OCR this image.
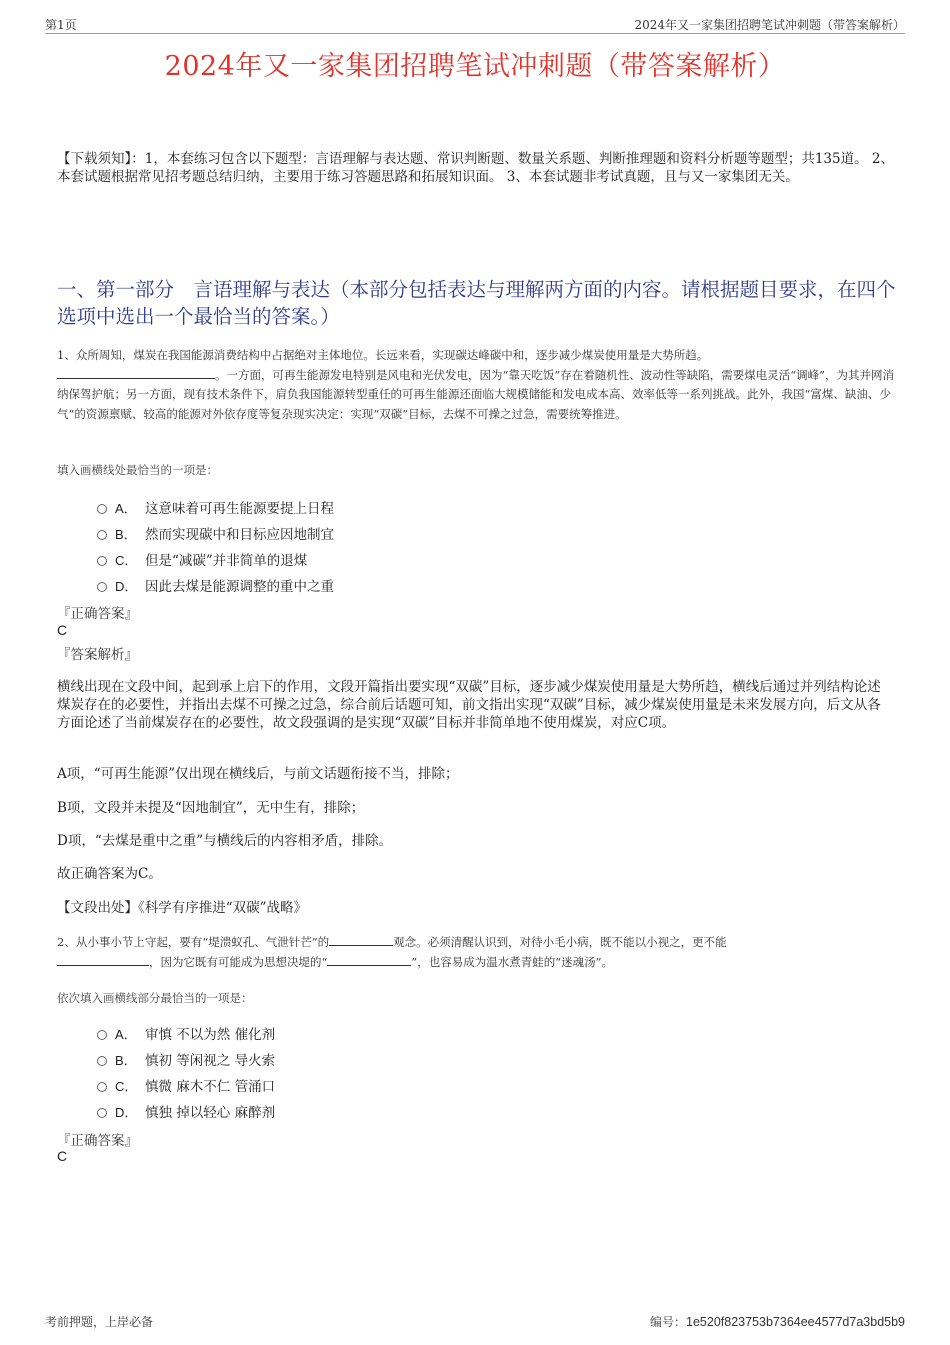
第1页	2024年又一家集团招聘笔试冲刺题（带答案解析）
2024年又一家集团招聘笔试冲刺题（带答案解析）
【下载须知】：1，本套练习包含以下题型：言语理解与表达题、常识判断题、数量关系题、判断推理题和资料分析题等题型；共135道。 2、本套试题根据常见招考题总结归纳，主要用于练习答题思路和拓展知识面。 3、本套试题非考试真题，且与又一家集团无关。
一、第一部分　言语理解与表达（本部分包括表达与理解两方面的内容。请根据题目要求，在四个选项中选出一个最恰当的答案。）
1、众所周知，煤炭在我国能源消费结构中占据绝对主体地位。长远来看，实现碳达峰碳中和，逐步减少煤炭使用量是大势所趋。
。一方面，可再生能源发电特别是风电和光伏发电，因为“靠天吃饭”存在着随机性、波动性等缺陷，需要煤电灵活“调峰”，为其并网消纳保驾护航；另一方面，现有技术条件下，肩负我国能源转型重任的可再生能源还面临大规模储能和发电成本高、效率低等一系列挑战。此外，我国“富煤、缺油、少气”的资源禀赋、较高的能源对外依存度等复杂现实决定：实现“双碳”目标，去煤不可操之过急，需要统筹推进。
填入画横线处最恰当的一项是：
A． 这意味着可再生能源要提上日程
B． 然而实现碳中和目标应因地制宜
C． 但是“减碳”并非简单的退煤
D． 因此去煤是能源调整的重中之重
『正确答案』
C
『答案解析』
横线出现在文段中间，起到承上启下的作用，文段开篇指出要实现“双碳”目标，逐步减少煤炭使用量是大势所趋，横线后通过并列结构论述煤炭存在的必要性，并指出去煤不可操之过急，综合前后话题可知，前文指出实现“双碳”目标，减少煤炭使用量是未来发展方向，后文从各方面论述了当前煤炭存在的必要性，故文段强调的是实现“双碳”目标并非简单地不使用煤炭，对应C项。
A项，“可再生能源”仅出现在横线后，与前文话题衔接不当，排除；
B项，文段并未提及“因地制宜”，无中生有，排除；
D项，“去煤是重中之重”与横线后的内容相矛盾，排除。
故正确答案为C。
【文段出处】《科学有序推进“双碳”战略》
2、从小事小节上守起，要有“堤溃蚁孔、气泄针芒”的	观念。必须清醒认识到，对待小毛小病，既不能以小视之，更不能
，因为它既有可能成为思想决堤的“	”，也容易成为温水煮青蛙的“迷魂汤”。
依次填入画横线部分最恰当的一项是：
A． 审慎 不以为然 催化剂
B． 慎初 等闲视之 导火索
C． 慎微 麻木不仁 管涌口
D． 慎独 掉以轻心 麻醉剂
『正确答案』
C
考前押题，上岸必备	编号：1e520f823753b7364ee4577d7a3bd5b9
